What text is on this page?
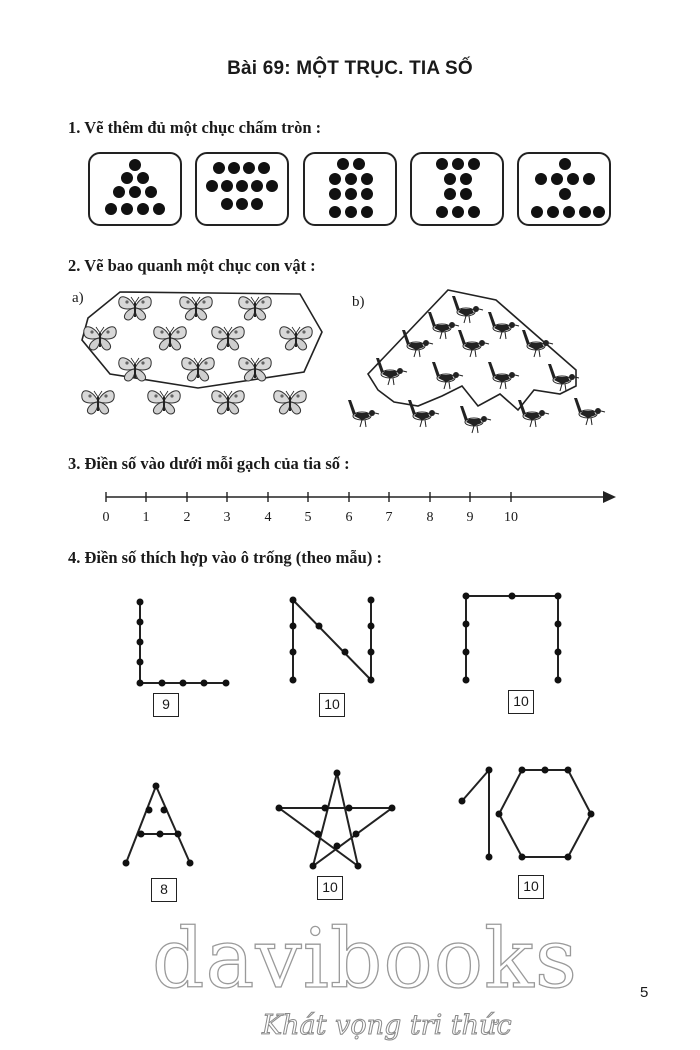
Bài 69: MỘT TRỤC. TIA SỐ
1. Vẽ thêm đủ một chục chấm tròn :
2. Vẽ bao quanh một chục con vật :
a)	b)
3. Điền số vào dưới mỗi gạch của tia số :
0	1	2	3	4	5	6	7	8	9	10
4. Điền số thích hợp vào ô trống (theo mẫu) :
9	10	10
8	10	10
davibooks
Khát vọng tri thức
5
